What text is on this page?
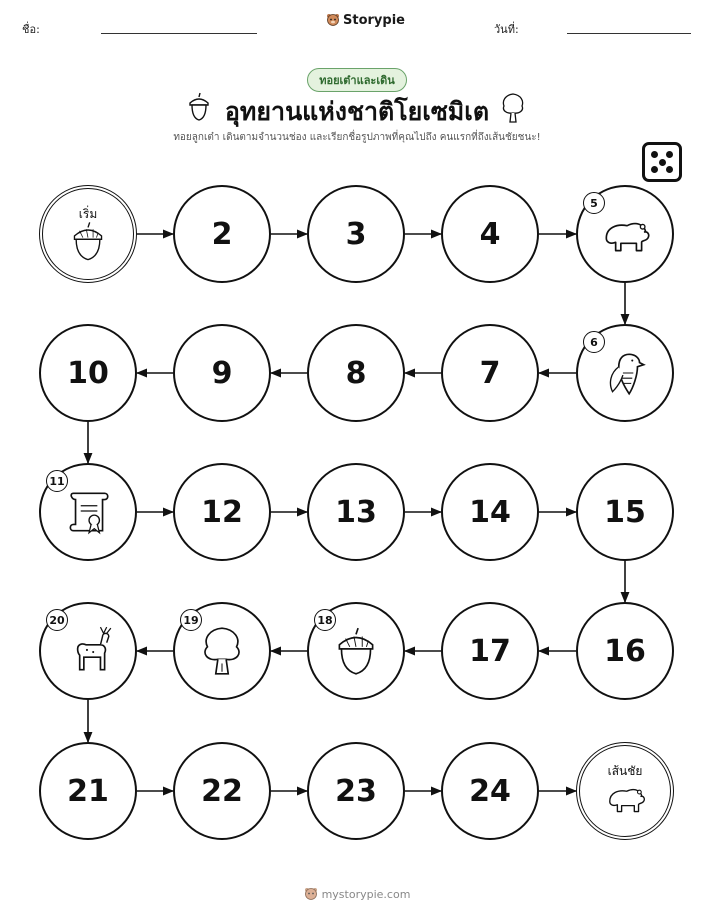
ชื่อ:
Storypie
วันที่:
ทอยเต๋าและเดิน
อุทยานแห่งชาติโยเซมิเต
ทอยลูกเต๋า เดินตามจำนวนช่อง และเรียกชื่อรูปภาพที่คุณไปถึง คนแรกที่ถึงเส้นชัยชนะ!
เริ่ม
2	3	4
5
6
7
8
9
10
11
12	13	14	15
16
17
18
19
20
21	22	23	24
เส้นชัย
mystorypie.com
